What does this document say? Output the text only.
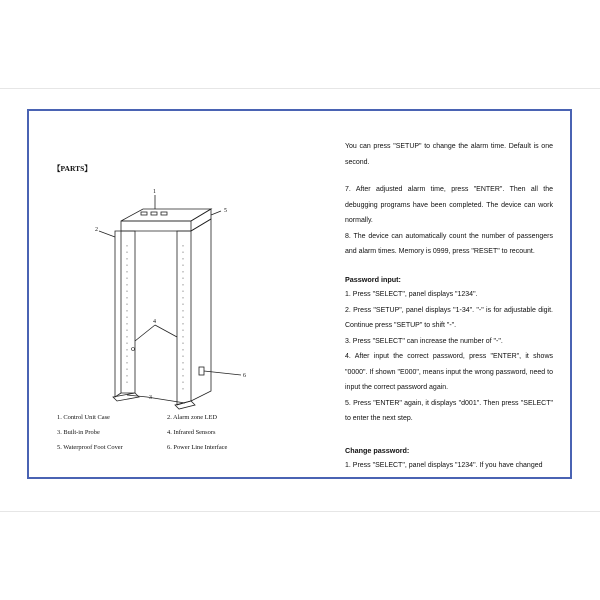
【PARTS】
1
2
3
4
5
6
1. Control Unit Case	2. Alarm zone LED
3. Built-in Probe	4. Infrared Sensors
5. Waterproof Foot Cover	6. Power Line Interface

You can press "SETUP" to change the alarm time. Default is one second.

7. After adjusted alarm time, press "ENTER". Then all the debugging programs have been completed. The device can work normally.

8. The device can automatically count the number of passengers and alarm times. Memory is 0999, press "RESET" to recount.

Password input:

1. Press "SELECT", panel displays "1234".

2. Press "SETUP", panel displays "1-34". "-" is for adjustable digit. Continue press "SETUP" to shift "-".

3. Press "SELECT" can increase the number of "-".

4. After input the correct password, press "ENTER", it shows "0000". If shown "E000", means input the wrong password, need to input the correct password again.

5. Press "ENTER" again, it displays "d001". Then press "SELECT" to enter the next step.

Change password:

1. Press "SELECT", panel displays "1234". If you have changed
